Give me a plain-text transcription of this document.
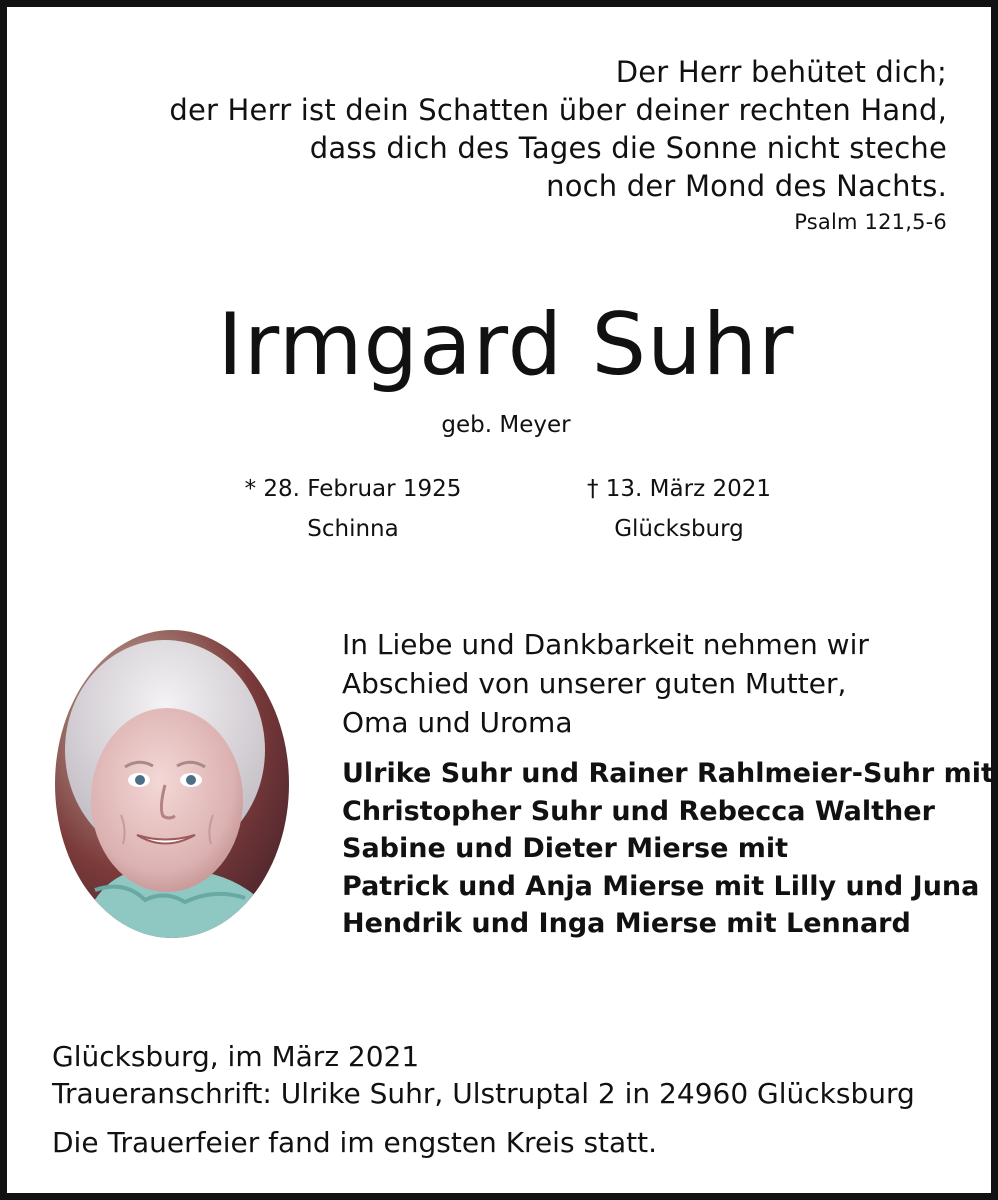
Der Herr behütet dich;
der Herr ist dein Schatten über deiner rechten Hand,
dass dich des Tages die Sonne nicht steche
noch der Mond des Nachts.
Psalm 121,5-6
Irmgard Suhr
geb. Meyer
* 28. Februar 1925
Schinna
† 13. März 2021
Glücksburg
In Liebe und Dankbarkeit nehmen wir
Abschied von unserer guten Mutter,
Oma und Uroma
Ulrike Suhr und Rainer Rahlmeier-Suhr mit
Christopher Suhr und Rebecca Walther
Sabine und Dieter Mierse mit
Patrick und Anja Mierse mit Lilly und Juna
Hendrik und Inga Mierse mit Lennard
Glücksburg, im März 2021
Traueranschrift: Ulrike Suhr, Ulstruptal 2 in 24960 Glücksburg
Die Trauerfeier fand im engsten Kreis statt.
